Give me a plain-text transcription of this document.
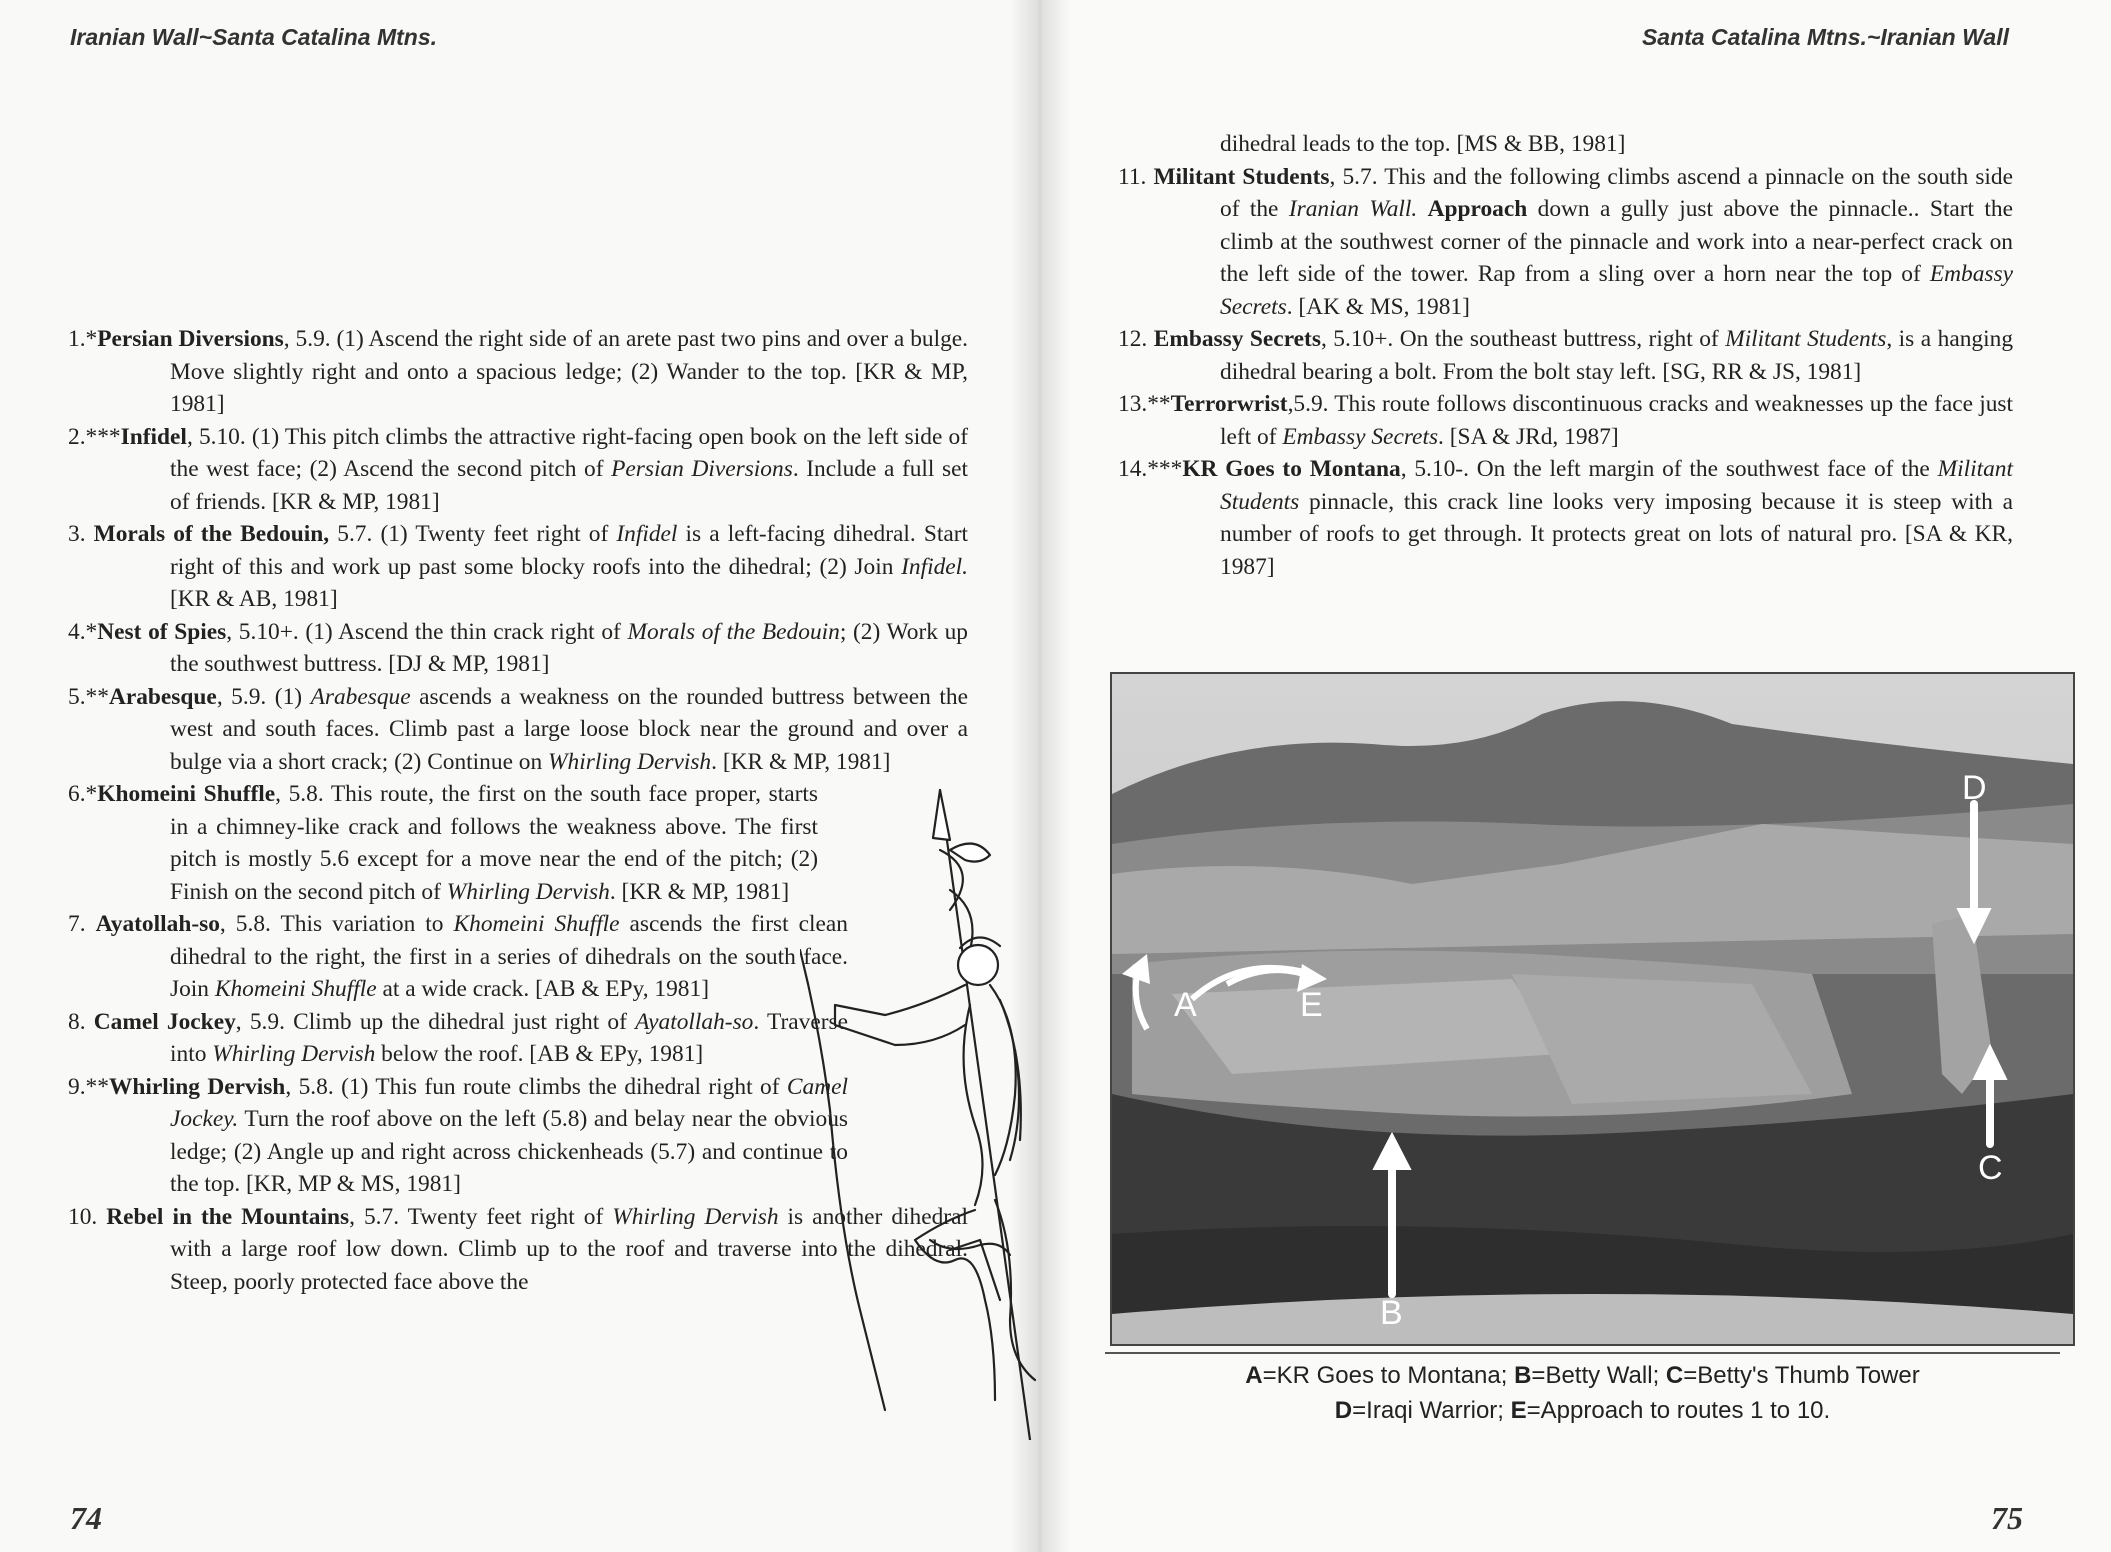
Iranian Wall~Santa Catalina Mtns.

1.*Persian Diversions, 5.9. (1) Ascend the right side of an arete past two pins and over a bulge. Move slightly right and onto a spacious ledge; (2) Wander to the top. [KR & MP, 1981]

2.***Infidel, 5.10. (1) This pitch climbs the attractive right-facing open book on the left side of the west face; (2) Ascend the second pitch of Persian Diversions. Include a full set of friends. [KR & MP, 1981]

3. Morals of the Bedouin, 5.7. (1) Twenty feet right of Infidel is a left-facing dihedral. Start right of this and work up past some blocky roofs into the dihedral; (2) Join Infidel. [KR & AB, 1981]

4.*Nest of Spies, 5.10+. (1) Ascend the thin crack right of Morals of the Bedouin; (2) Work up the southwest buttress. [DJ & MP, 1981]

5.**Arabesque, 5.9. (1) Arabesque ascends a weakness on the rounded buttress between the west and south faces. Climb past a large loose block near the ground and over a bulge via a short crack; (2) Continue on Whirling Dervish. [KR & MP, 1981]

6.*Khomeini Shuffle, 5.8. This route, the first on the south face proper, starts in a chimney-like crack and follows the weakness above. The first pitch is mostly 5.6 except for a move near the end of the pitch; (2) Finish on the second pitch of Whirling Dervish. [KR & MP, 1981]

7. Ayatollah-so, 5.8. This variation to Khomeini Shuffle ascends the first clean dihedral to the right, the first in a series of dihedrals on the south face. Join Khomeini Shuffle at a wide crack. [AB & EPy, 1981]

8. Camel Jockey, 5.9. Climb up the dihedral just right of Ayatollah-so. Traverse into Whirling Dervish below the roof. [AB & EPy, 1981]

9.**Whirling Dervish, 5.8. (1) This fun route climbs the dihedral right of Camel Jockey. Turn the roof above on the left (5.8) and belay near the obvious ledge; (2) Angle up and right across chickenheads (5.7) and continue to the top. [KR, MP & MS, 1981]

10. Rebel in the Mountains, 5.7. Twenty feet right of Whirling Dervish is another dihedral with a large roof low down. Climb up to the roof and traverse into the dihedral. Steep, poorly protected face above the

74
Santa Catalina Mtns.~Iranian Wall
75

dihedral leads to the top. [MS & BB, 1981]

11. Militant Students, 5.7. This and the following climbs ascend a pinnacle on the south side of the Iranian Wall. Approach down a gully just above the pinnacle.. Start the climb at the southwest corner of the pinnacle and work into a near-perfect crack on the left side of the tower. Rap from a sling over a horn near the top of Embassy Secrets. [AK & MS, 1981]

12. Embassy Secrets, 5.10+. On the southeast buttress, right of Militant Students, is a hanging dihedral bearing a bolt. From the bolt stay left. [SG, RR & JS, 1981]

13.**Terrorwrist,5.9. This route follows discontinuous cracks and weaknesses up the face just left of Embassy Secrets. [SA & JRd, 1987]

14.***KR Goes to Montana, 5.10-. On the left margin of the southwest face of the Militant Students pinnacle, this crack line looks very imposing because it is steep with a number of roofs to get through. It protects great on lots of natural pro. [SA & KR, 1987]

A	E
B
C
D
A=KR Goes to Montana; B=Betty Wall; C=Betty's Thumb Tower
D=Iraqi Warrior; E=Approach to routes 1 to 10.
